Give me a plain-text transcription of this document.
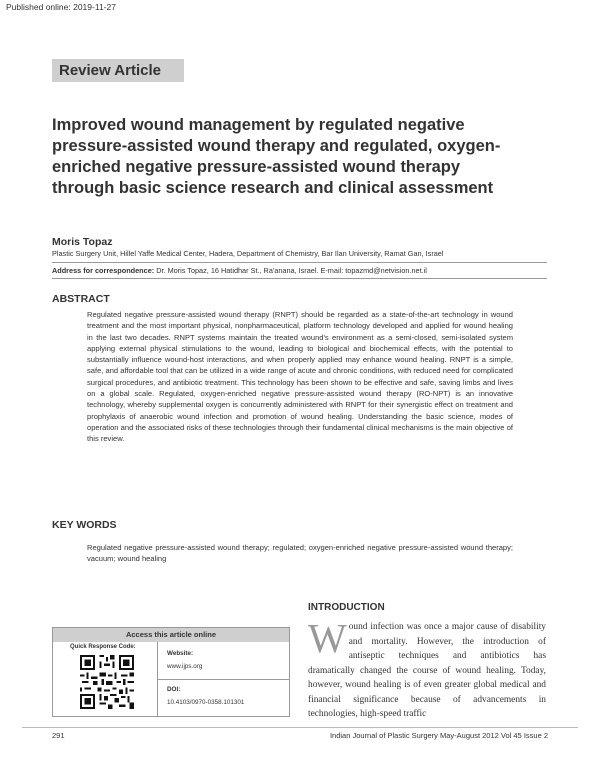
Published online: 2019-11-27
Review Article
Improved wound management by regulated negative pressure-assisted wound therapy and regulated, oxygen-enriched negative pressure-assisted wound therapy through basic science research and clinical assessment
Moris Topaz
Plastic Surgery Unit, Hillel Yaffe Medical Center, Hadera, Department of Chemistry, Bar Ilan University, Ramat Gan, Israel
Address for correspondence: Dr. Moris Topaz, 16 Hatidhar St., Ra'anana, Israel. E-mail: topazmd@netvision.net.il
ABSTRACT
Regulated negative pressure-assisted wound therapy (RNPT) should be regarded as a state-of-the-art technology in wound treatment and the most important physical, nonpharmaceutical, platform technology developed and applied for wound healing in the last two decades. RNPT systems maintain the treated wound's environment as a semi-closed, semi-isolated system applying external physical stimulations to the wound, leading to biological and biochemical effects, with the potential to substantially influence wound-host interactions, and when properly applied may enhance wound healing. RNPT is a simple, safe, and affordable tool that can be utilized in a wide range of acute and chronic conditions, with reduced need for complicated surgical procedures, and antibiotic treatment. This technology has been shown to be effective and safe, saving limbs and lives on a global scale. Regulated, oxygen-enriched negative pressure-assisted wound therapy (RO-NPT) is an innovative technology, whereby supplemental oxygen is concurrently administered with RNPT for their synergistic effect on treatment and prophylaxis of anaerobic wound infection and promotion of wound healing. Understanding the basic science, modes of operation and the associated risks of these technologies through their fundamental clinical mechanisms is the main objective of this review.
KEY WORDS
Regulated negative pressure-assisted wound therapy; regulated; oxygen-enriched negative pressure-assisted wound therapy; vacuum; wound healing
Access this article online
Quick Response Code:
Website:
www.ijps.org
DOI:
10.4103/0970-0358.101301
INTRODUCTION
Wound infection was once a major cause of disability and mortality. However, the introduction of antiseptic techniques and antibiotics has dramatically changed the course of wound healing. Today, however, wound healing is of even greater global medical and financial significance because of advancements in technologies, high-speed traffic
291	Indian Journal of Plastic Surgery May-August 2012 Vol 45 Issue 2
